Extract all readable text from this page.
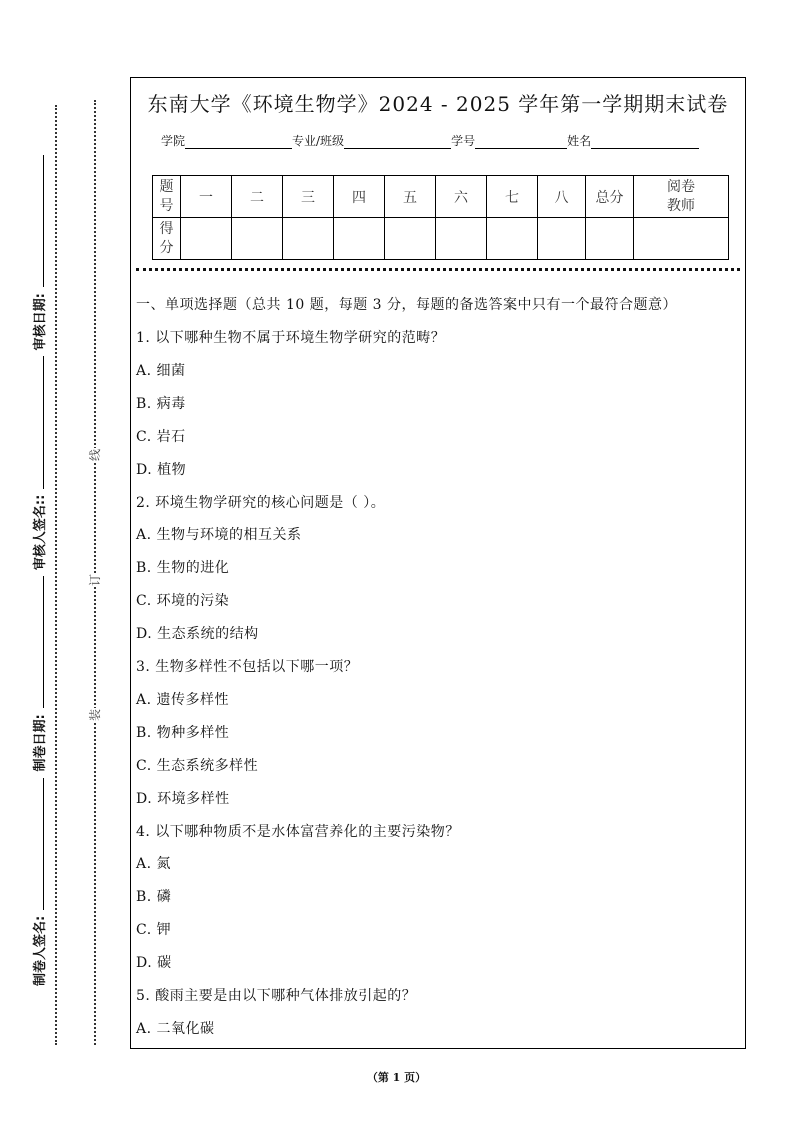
装
订
线
制卷人签名:
制卷日期:
审核人签名::
审核日期:
东南大学《环境生物学》2024 - 2025 学年第一学期期末试卷
学院	专业/班级	学号	姓名
题号	一	二	三	四	五	六	七	八	总分	阅卷教师
得分										
一、单项选择题（总共 10 题，每题 3 分，每题的备选答案中只有一个最符合题意）
1. 以下哪种生物不属于环境生物学研究的范畴？
A. 细菌
B. 病毒
C. 岩石
D. 植物
2. 环境生物学研究的核心问题是（ ）。
A. 生物与环境的相互关系
B. 生物的进化
C. 环境的污染
D. 生态系统的结构
3. 生物多样性不包括以下哪一项？
A. 遗传多样性
B. 物种多样性
C. 生态系统多样性
D. 环境多样性
4. 以下哪种物质不是水体富营养化的主要污染物？
A. 氮
B. 磷
C. 钾
D. 碳
5. 酸雨主要是由以下哪种气体排放引起的？
A. 二氧化碳
（第 1 页）
